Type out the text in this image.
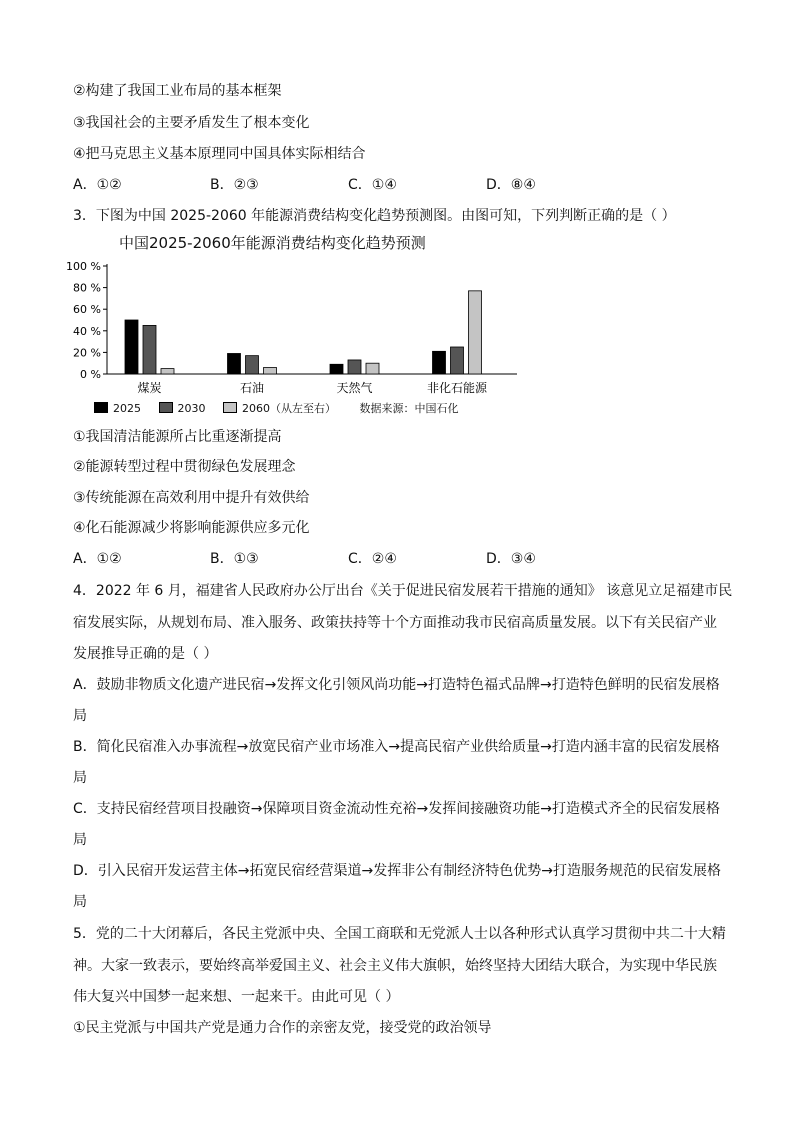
②构建了我国工业布局的基本框架
③我国社会的主要矛盾发生了根本变化
④把马克思主义基本原理同中国具体实际相结合
A．①②	B．②③	C．①④	D．⑧④
3．下图为中国 2025-2060 年能源消费结构变化趋势预测图。由图可知，下列判断正确的是（ ）
中国2025-2060年能源消费结构变化趋势预测
100 %
80 %
60 %
40 %
20 %
0 %
煤炭	石油	天然气	非化石能源
2025	2030	2060（从左至右） 数据来源：中国石化
①我国清洁能源所占比重逐渐提高
②能源转型过程中贯彻绿色发展理念
③传统能源在高效利用中提升有效供给
④化石能源减少将影响能源供应多元化
A．①②	B．①③	C．②④	D．③④
4．2022 年 6 月，福建省人民政府办公厅出台《关于促进民宿发展若干措施的通知》 该意见立足福建市民
宿发展实际，从规划布局、准入服务、政策扶持等十个方面推动我市民宿高质量发展。以下有关民宿产业
发展推导正确的是（ ）
A．鼓励非物质文化遗产进民宿→发挥文化引领风尚功能→打造特色福式品牌→打造特色鲜明的民宿发展格
局
B．简化民宿准入办事流程→放宽民宿产业市场准入→提高民宿产业供给质量→打造内涵丰富的民宿发展格
局
C．支持民宿经营项目投融资→保障项目资金流动性充裕→发挥间接融资功能→打造模式齐全的民宿发展格
局
D．引入民宿开发运营主体→拓宽民宿经营渠道→发挥非公有制经济特色优势→打造服务规范的民宿发展格
局
5．党的二十大闭幕后，各民主党派中央、全国工商联和无党派人士以各种形式认真学习贯彻中共二十大精
神。大家一致表示，要始终高举爱国主义、社会主义伟大旗帜，始终坚持大团结大联合，为实现中华民族
伟大复兴中国梦一起来想、一起来干。由此可见（ ）
①民主党派与中国共产党是通力合作的亲密友党，接受党的政治领导
